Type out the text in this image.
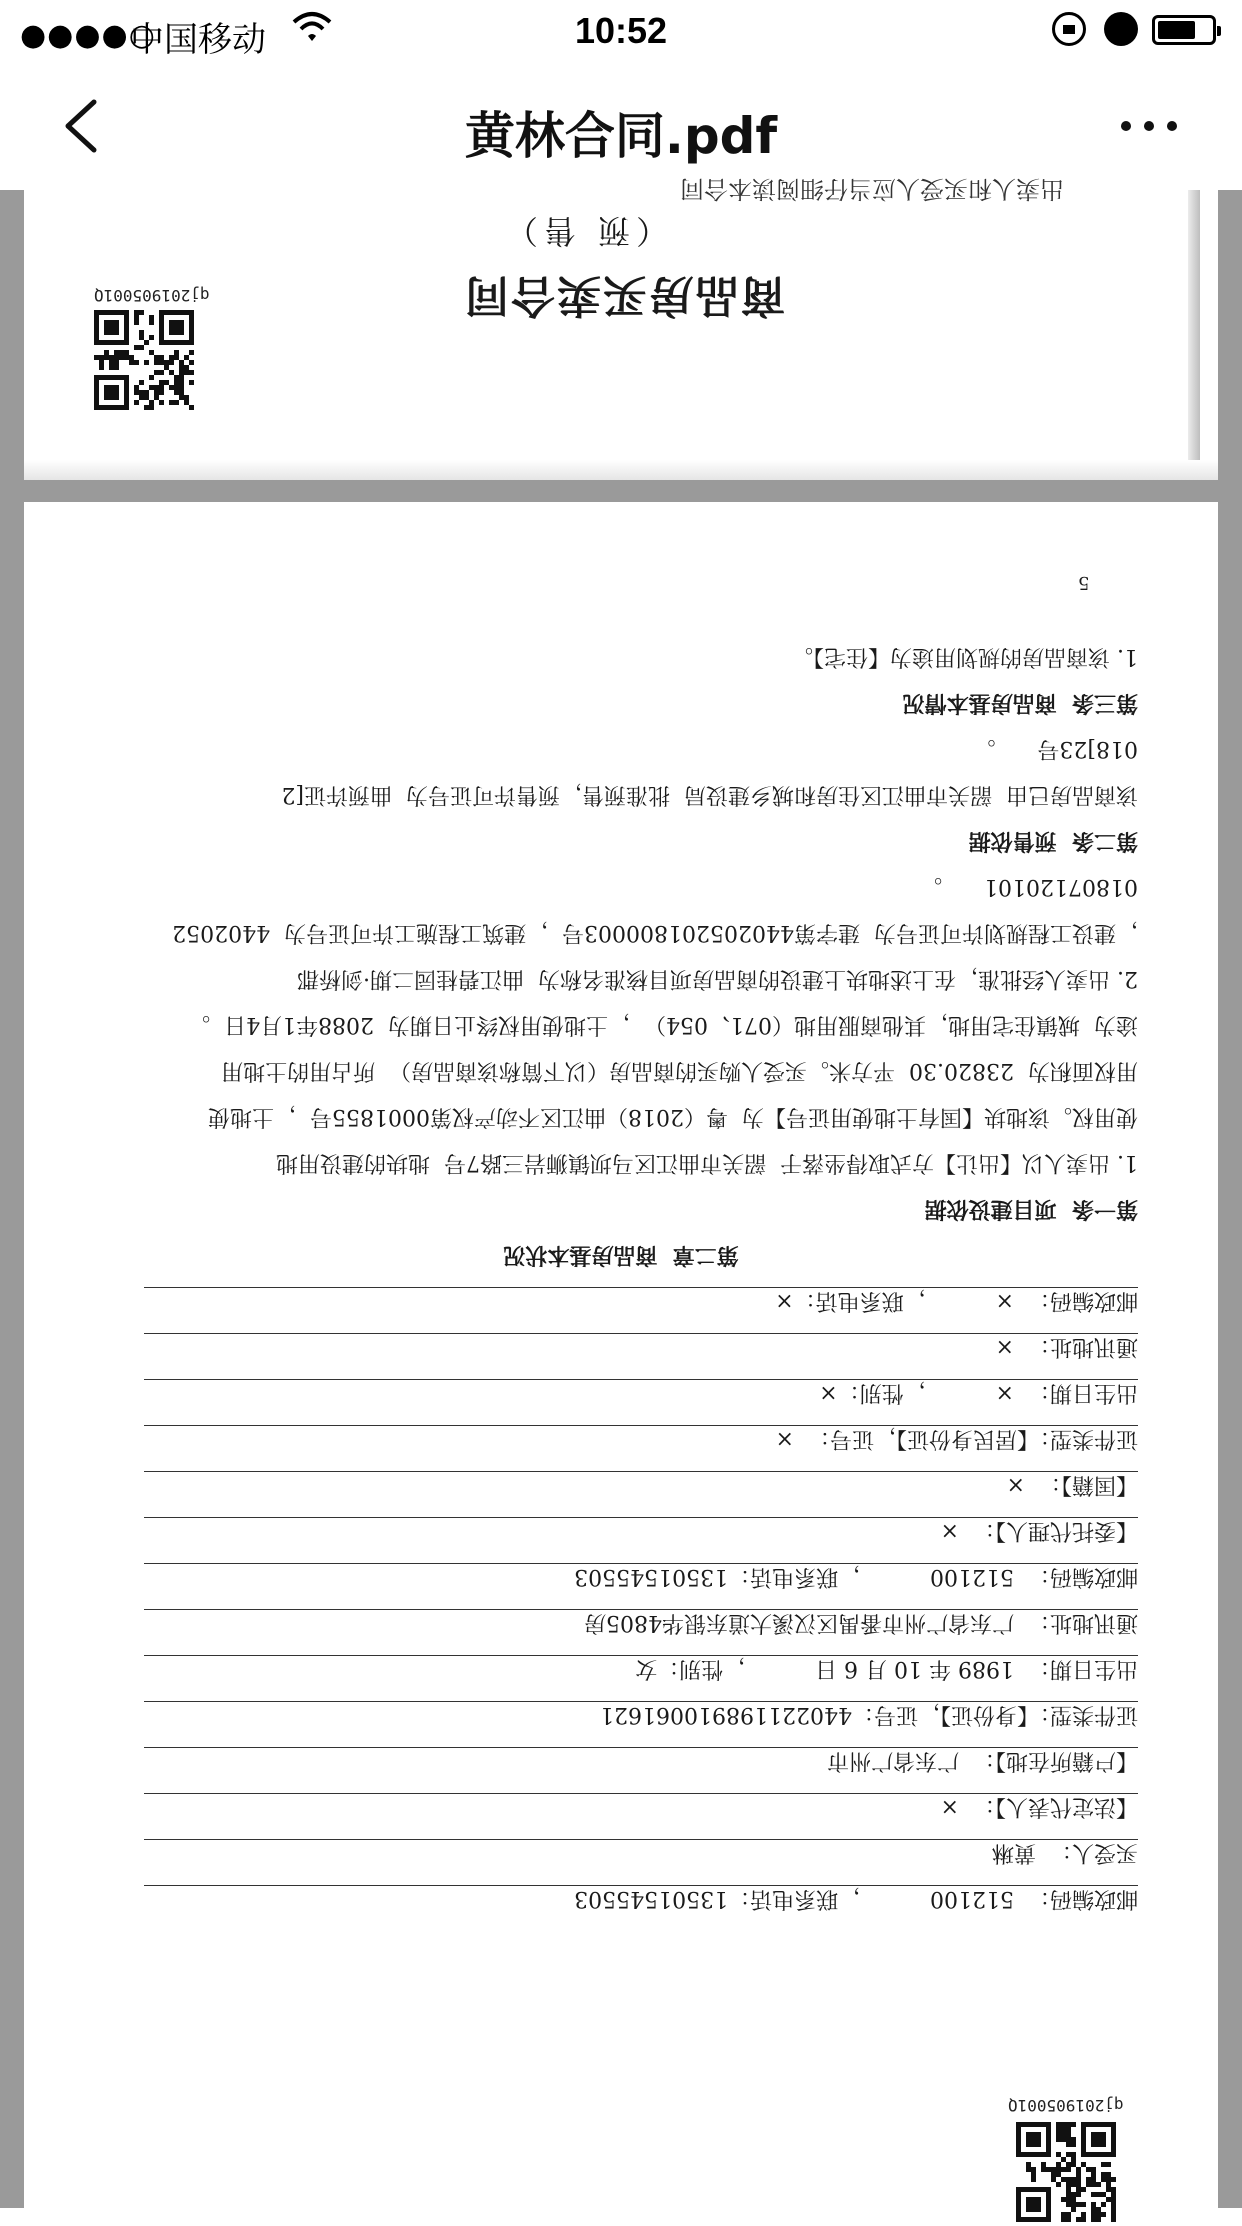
●●●●○
中国移动	10:52
黄林合同.pdf
出卖人和买受人应当仔细阅读本合同
（预 售）
商品房买卖合同
qj201905001Q
5
1. 该商品房的规划用途为【住宅】。
第三条  商品房基本情况
018]23号      。
该商品房已由  韶关市曲江区住房和城乡建设局  批准预售，预售许可证号为  曲预许证[2
第二条  预售依据
01807120101      。
，建设工程规划许可证号为  建字第440205201800003号  ，建筑工程施工许可证号为  4402052
2. 出卖人经批准，在上述地块上建设的商品房项目核准名称为  曲江碧桂园二期·剑桥郡
途为  城镇住宅用地，其他商服用地（071、054）  ，土地使用权终止日期为  2088年1月4日  。
用权面积为  23820.30  平方米。买受人购买的商品房（以下简称该商品房）  所占用的土地用
使用权。该地块【国有土地使用证号】为  粤（2018）曲江区不动产权第0001855号  ，土地使
1. 出卖人以【出让】方式取得坐落于  韶关市曲江区马坝镇狮岩三路7号  地块的建设用地
第一条  项目建设依据
第二章  商品房基本状况
邮政编码：  ×          ，联系电话：×
通讯地址：  ×
出生日期：  ×          ，性别：×
证件类型：【居民身份证】，证号：  ×
【国籍】：  ×
【委托代理人】：  ×
邮政编码：  512100          ，联系电话：13501545503
通讯地址：  广东省广州市番禺区汉溪大道东银华4805房
出生日期：  1989 年 10 月 6 日          ，性别：女
证件类型：【身份证】，证号：440221198910061621
【户籍所在地】：  广东省广州市
【法定代表人】：  ×
买受人：  黄琳
邮政编码：  512100          ，联系电话：13501545503
qj201905001Q
